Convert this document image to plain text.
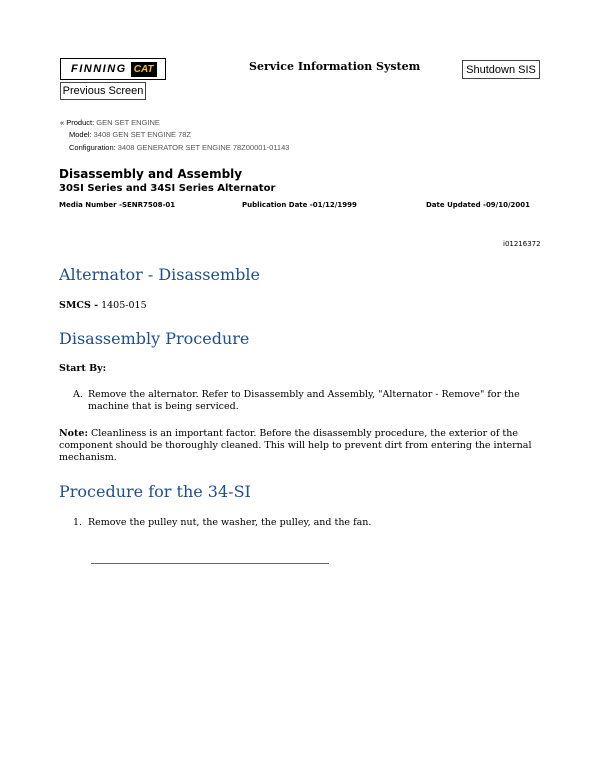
FINNING CAT	Service Information System	Shutdown SIS
Previous Screen
« Product: GEN SET ENGINE
Model: 3408 GEN SET ENGINE 78Z
Configuration: 3408 GENERATOR SET ENGINE 78Z00001-01143
Disassembly and Assembly
30SI Series and 34SI Series Alternator
Media Number -SENR7508-01	Publication Date -01/12/1999	Date Updated -09/10/2001
i01216372
Alternator - Disassemble
SMCS - 1405-015
Disassembly Procedure
Start By:
A. Remove the alternator. Refer to Disassembly and Assembly, "Alternator - Remove" for the machine that is being serviced.
Note: Cleanliness is an important factor. Before the disassembly procedure, the exterior of the component should be thoroughly cleaned. This will help to prevent dirt from entering the internal mechanism.
Procedure for the 34-SI
1. Remove the pulley nut, the washer, the pulley, and the fan.
